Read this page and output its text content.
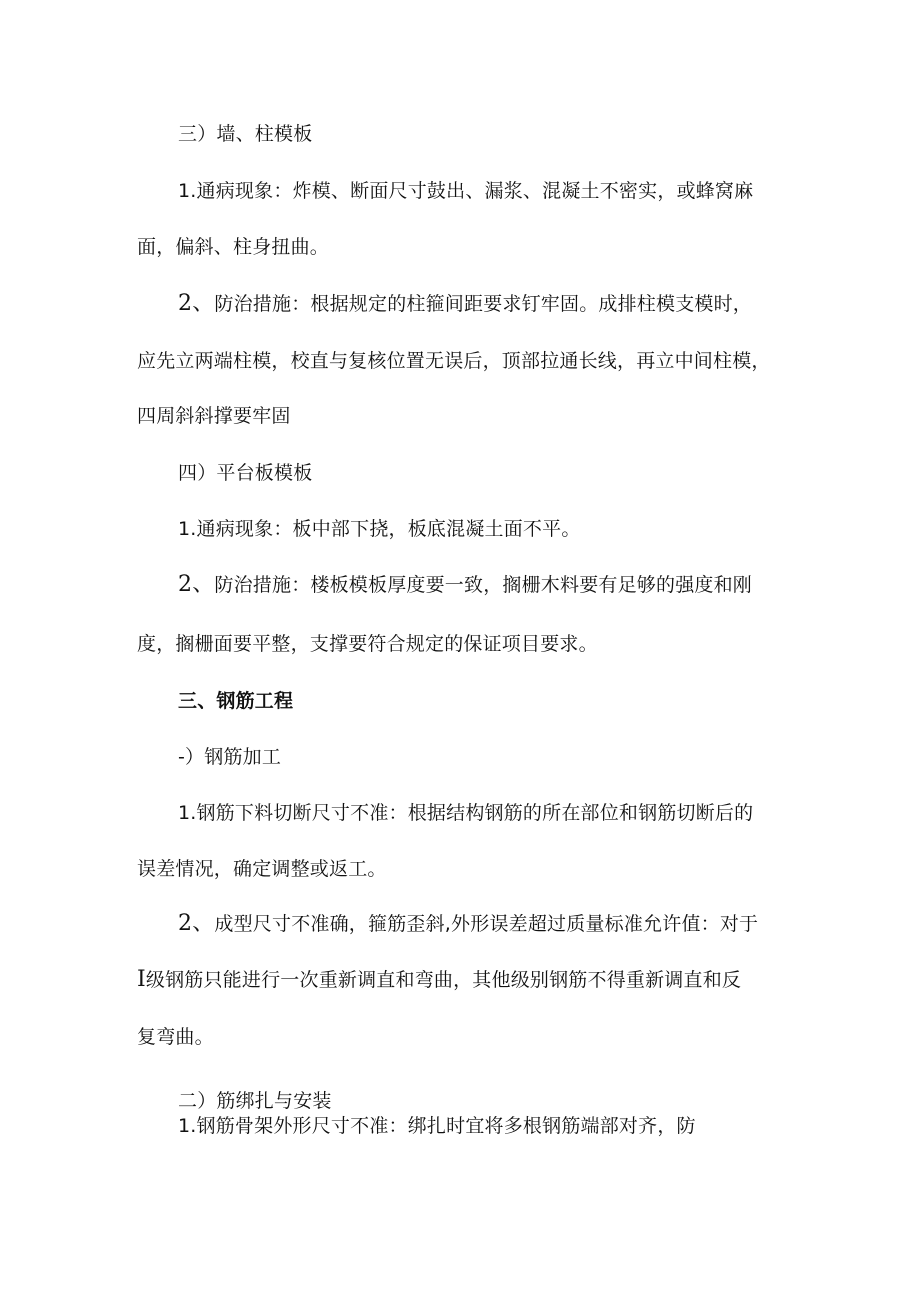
三）墙、柱模板
1.通病现象：炸模、断面尺寸鼓出、漏浆、混凝土不密实，或蜂窝麻
面，偏斜、柱身扭曲。
2、防治措施：根据规定的柱箍间距要求钉牢固。成排柱模支模时，
应先立两端柱模，校直与复核位置无误后，顶部拉通长线，再立中间柱模，
四周斜斜撑要牢固
四）平台板模板
1.通病现象：板中部下挠，板底混凝土面不平。
2、防治措施：楼板模板厚度要一致，搁栅木料要有足够的强度和刚
度，搁栅面要平整，支撑要符合规定的保证项目要求。
三、钢筋工程
-）钢筋加工
1.钢筋下料切断尺寸不准：根据结构钢筋的所在部位和钢筋切断后的
误差情况，确定调整或返工。
2、成型尺寸不准确，箍筋歪斜,外形误差超过质量标准允许值：对于
Ⅰ级钢筋只能进行一次重新调直和弯曲，其他级别钢筋不得重新调直和反
复弯曲。
二）筋绑扎与安装
1.钢筋骨架外形尺寸不准：绑扎时宜将多根钢筋端部对齐，防
